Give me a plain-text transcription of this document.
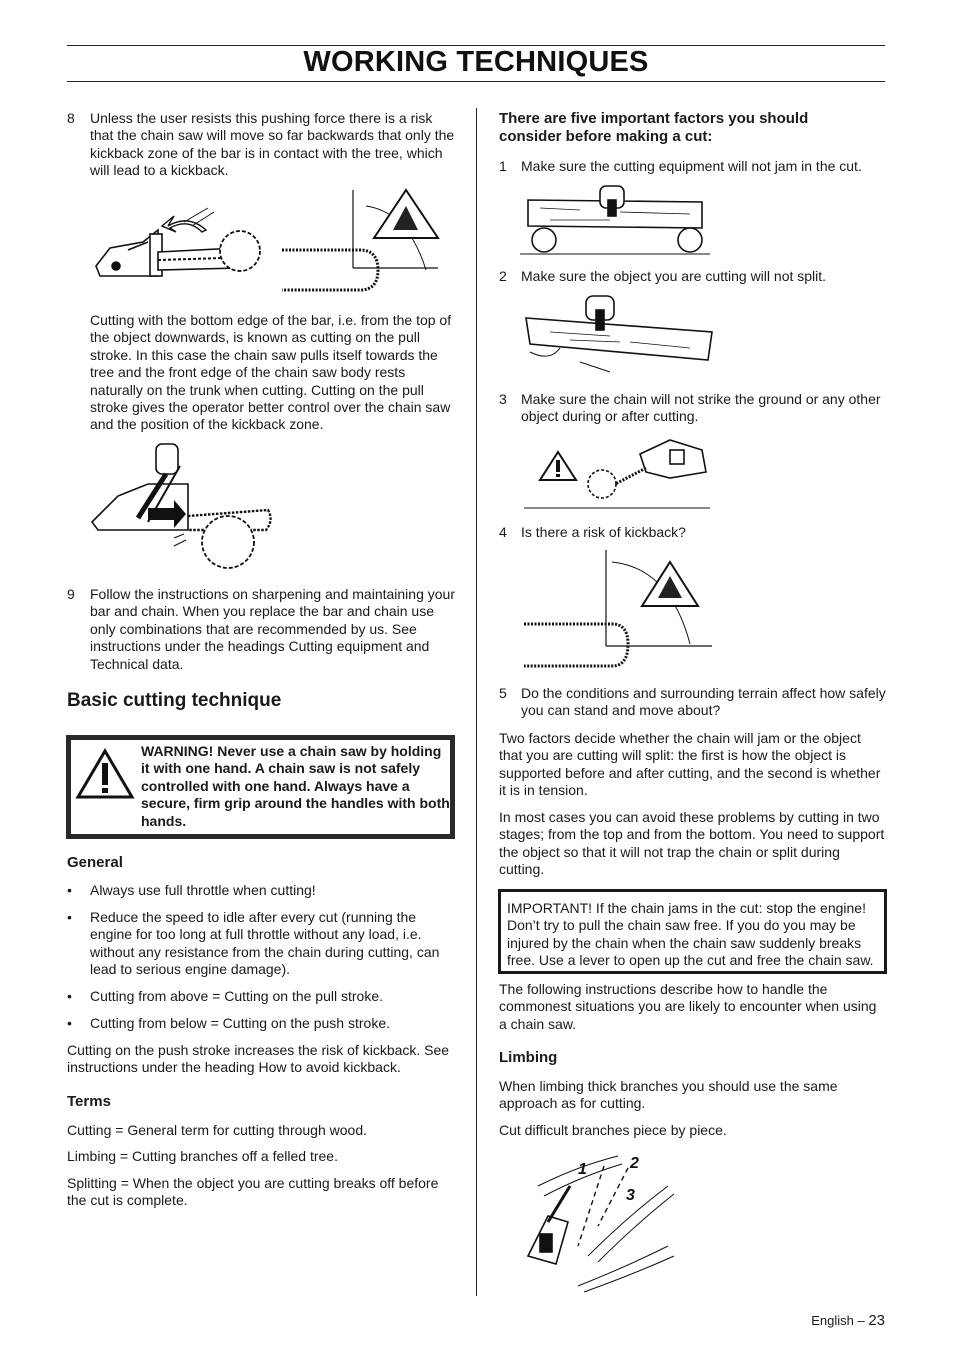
WORKING TECHNIQUES
8 Unless the user resists this pushing force there is a risk that the chain saw will move so far backwards that only the kickback zone of the bar is in contact with the tree, which will lead to a kickback.

Cutting with the bottom edge of the bar, i.e. from the top of the object downwards, is known as cutting on the pull stroke. In this case the chain saw pulls itself towards the tree and the front edge of the chain saw body rests naturally on the trunk when cutting. Cutting on the pull stroke gives the operator better control over the chain saw and the position of the kickback zone.

9 Follow the instructions on sharpening and maintaining your bar and chain. When you replace the bar and chain use only combinations that are recommended by us. See instructions under the headings Cutting equipment and Technical data.

Basic cutting technique

WARNING! Never use a chain saw by holding it with one hand. A chain saw is not safely controlled with one hand. Always have a secure, firm grip around the handles with both hands.

General
• Always use full throttle when cutting!

• Reduce the speed to idle after every cut (running the engine for too long at full throttle without any load, i.e. without any resistance from the chain during cutting, can lead to serious engine damage).

• Cutting from above = Cutting on the pull stroke.

• Cutting from below = Cutting on the push stroke.

Cutting on the push stroke increases the risk of kickback. See instructions under the heading How to avoid kickback.

Terms

Cutting = General term for cutting through wood.

Limbing = Cutting branches off a felled tree.

Splitting = When the object you are cutting breaks off before the cut is complete.

There are five important factors you should consider before making a cut:
1 Make sure the cutting equipment will not jam in the cut.

2 Make sure the object you are cutting will not split.

3 Make sure the chain will not strike the ground or any other object during or after cutting.

4 Is there a risk of kickback?

5 Do the conditions and surrounding terrain affect how safely you can stand and move about?

Two factors decide whether the chain will jam or the object that you are cutting will split: the first is how the object is supported before and after cutting, and the second is whether it is in tension.

In most cases you can avoid these problems by cutting in two stages; from the top and from the bottom. You need to support the object so that it will not trap the chain or split during cutting.

IMPORTANT! If the chain jams in the cut: stop the engine! Don’t try to pull the chain saw free. If you do you may be injured by the chain when the chain saw suddenly breaks free. Use a lever to open up the cut and free the chain saw.

The following instructions describe how to handle the commonest situations you are likely to encounter when using a chain saw.

Limbing

When limbing thick branches you should use the same approach as for cutting.

Cut difficult branches piece by piece.

1	2
3
English – 23
